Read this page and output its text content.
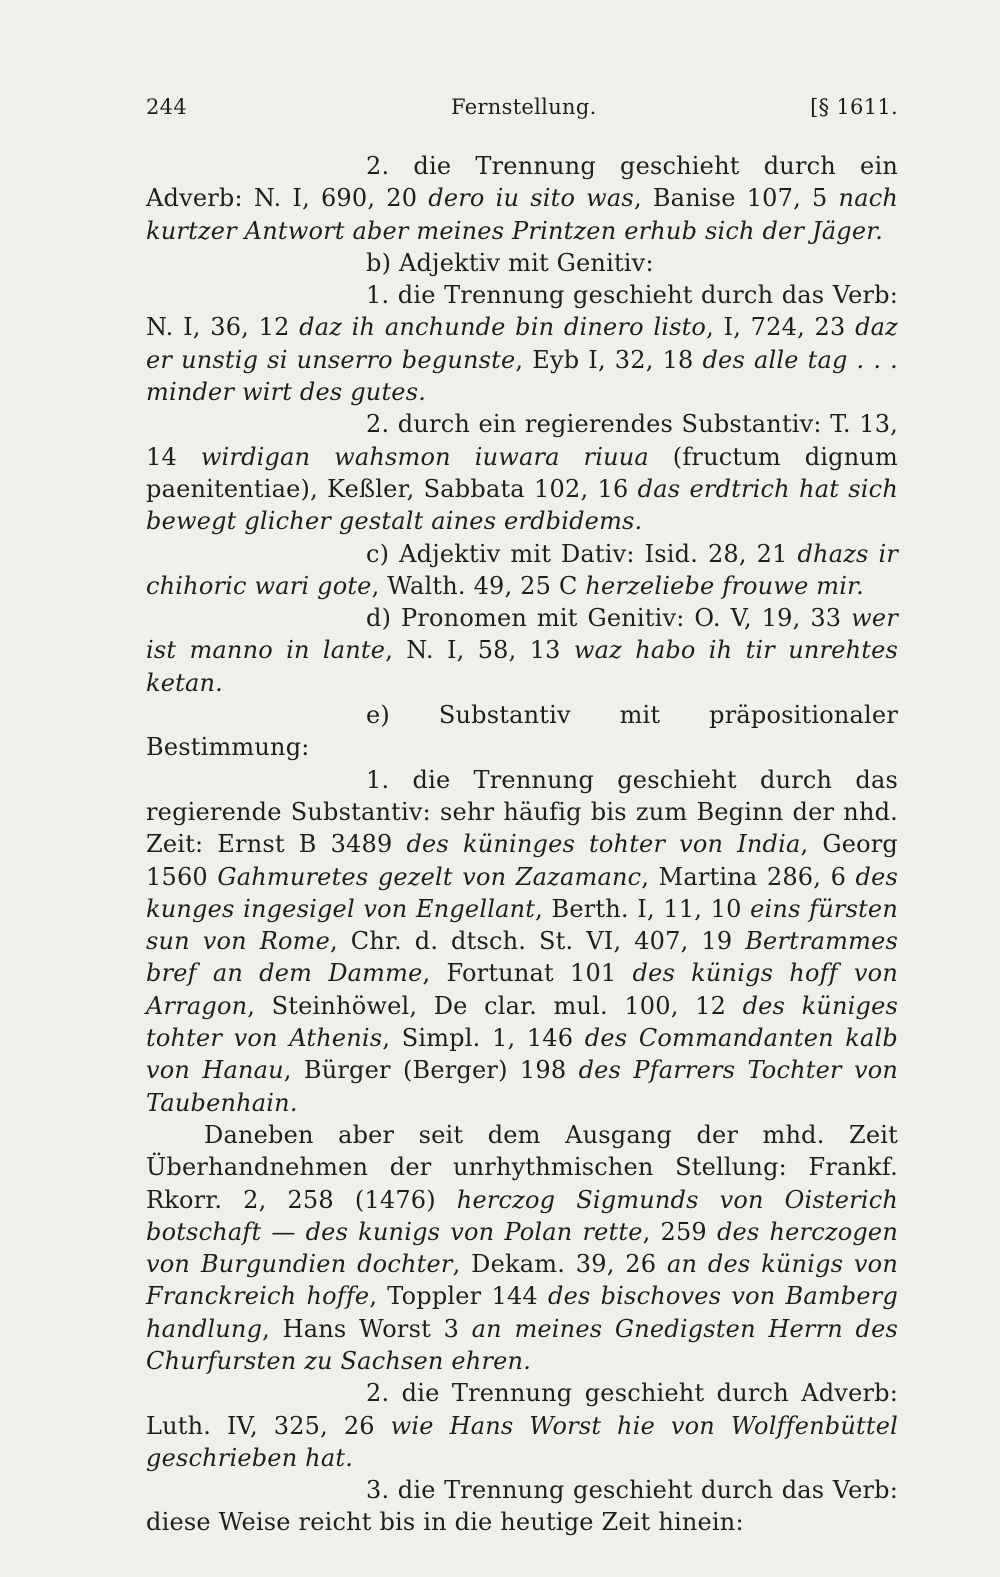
244	Fernstellung.	[§ 1611.

2. die Trennung geschieht durch ein Adverb: N. I, 690, 20 dero iu sito was, Banise 107, 5 nach kurtzer Antwort aber meines Printzen erhub sich der Jäger.

b) Adjektiv mit Genitiv:

1. die Trennung geschieht durch das Verb: N. I, 36, 12 daz ih anchunde bin dinero listo, I, 724, 23 daz er unstig si unserro begunste, Eyb I, 32, 18 des alle tag . . . minder wirt des gutes.

2. durch ein regierendes Substantiv: T. 13, 14 wirdigan wahsmon iuwara riuua (fructum dignum paenitentiae), Keßler, Sabbata 102, 16 das erdtrich hat sich bewegt glicher gestalt aines erdbidems.

c) Adjektiv mit Dativ: Isid. 28, 21 dhazs ir chihoric wari gote, Walth. 49, 25 C herzeliebe frouwe mir.

d) Pronomen mit Genitiv: O. V, 19, 33 wer ist manno in lante, N. I, 58, 13 waz habo ih tir unrehtes ketan.

e) Substantiv mit präpositionaler Bestimmung:

1. die Trennung geschieht durch das regierende Substantiv: sehr häufig bis zum Beginn der nhd. Zeit: Ernst B 3489 des küninges tohter von India, Georg 1560 Gahmuretes gezelt von Zazamanc, Martina 286, 6 des kunges ingesigel von Engellant, Berth. I, 11, 10 eins fürsten sun von Rome, Chr. d. dtsch. St. VI, 407, 19 Bertrammes bref an dem Damme, Fortunat 101 des künigs hoff von Arragon, Steinhöwel, De clar. mul. 100, 12 des küniges tohter von Athenis, Simpl. 1, 146 des Commandanten kalb von Hanau, Bürger (Berger) 198 des Pfarrers Tochter von Taubenhain.

Daneben aber seit dem Ausgang der mhd. Zeit Überhandnehmen der unrhythmischen Stellung: Frankf. Rkorr. 2, 258 (1476) herczog Sigmunds von Oisterich botschaft — des kunigs von Polan rette, 259 des herczogen von Burgundien dochter, Dekam. 39, 26 an des künigs von Franckreich hoffe, Toppler 144 des bischoves von Bamberg handlung, Hans Worst 3 an meines Gnedigsten Herrn des Churfursten zu Sachsen ehren.

2. die Trennung geschieht durch Adverb: Luth. IV, 325, 26 wie Hans Worst hie von Wolffenbüttel geschrieben hat.

3. die Trennung geschieht durch das Verb: diese Weise reicht bis in die heutige Zeit hinein:
